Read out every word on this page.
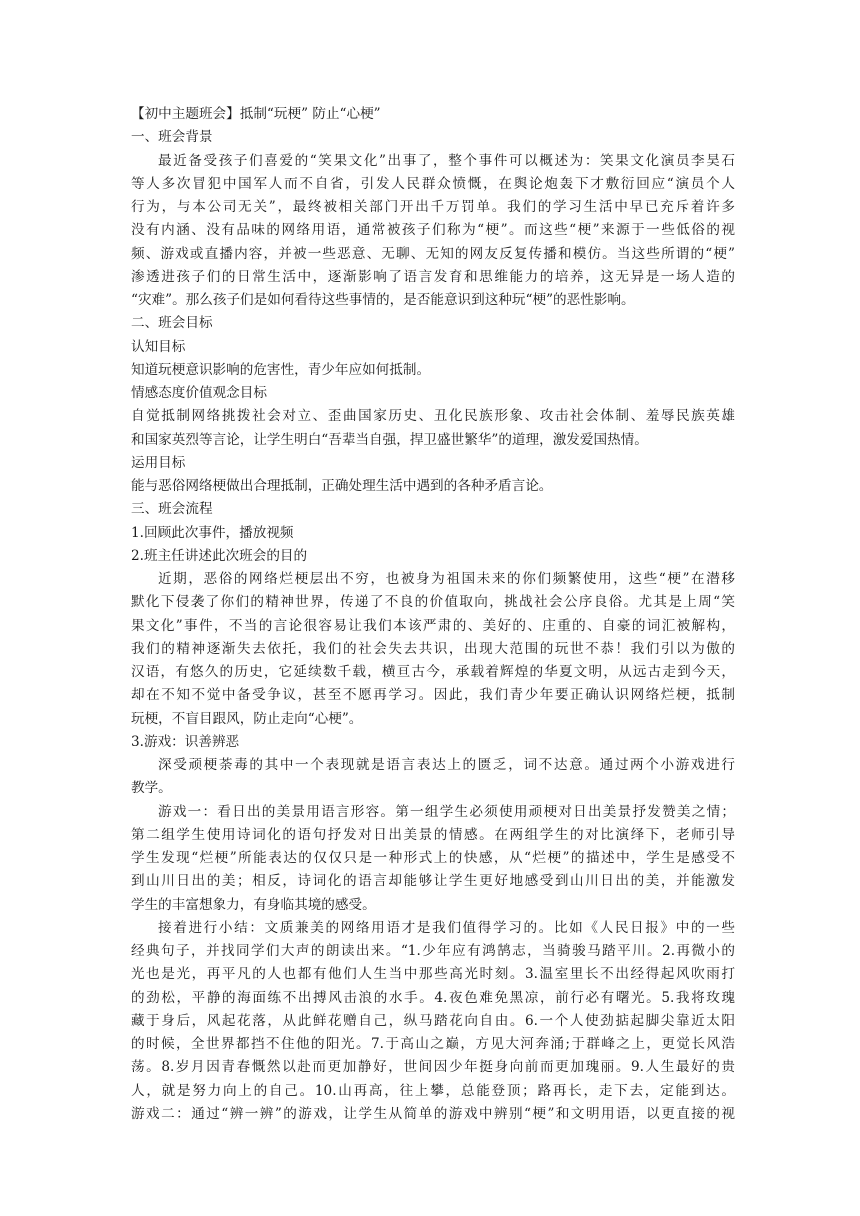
【初中主题班会】抵制“玩梗” 防止“心梗”
一、班会背景
最近备受孩子们喜爱的“笑果文化”出事了，整个事件可以概述为：笑果文化演员李昊石
等人多次冒犯中国军人而不自省，引发人民群众愤慨，在舆论炮轰下才敷衍回应“演员个人
行为，与本公司无关”，最终被相关部门开出千万罚单。我们的学习生活中早已充斥着许多
没有内涵、没有品味的网络用语，通常被孩子们称为“梗”。而这些“梗”来源于一些低俗的视
频、游戏或直播内容，并被一些恶意、无聊、无知的网友反复传播和模仿。当这些所谓的“梗”
渗透进孩子们的日常生活中，逐渐影响了语言发育和思维能力的培养，这无异是一场人造的
“灾难”。那么孩子们是如何看待这些事情的，是否能意识到这种玩“梗”的恶性影响。
二、班会目标
认知目标
知道玩梗意识影响的危害性，青少年应如何抵制。
情感态度价值观念目标
自觉抵制网络挑拨社会对立、歪曲国家历史、丑化民族形象、攻击社会体制、羞辱民族英雄
和国家英烈等言论，让学生明白“吾辈当自强，捍卫盛世繁华”的道理，激发爱国热情。
运用目标
能与恶俗网络梗做出合理抵制，正确处理生活中遇到的各种矛盾言论。
三、班会流程
1.回顾此次事件，播放视频
2.班主任讲述此次班会的目的
近期，恶俗的网络烂梗层出不穷，也被身为祖国未来的你们频繁使用，这些“梗”在潜移
默化下侵袭了你们的精神世界，传递了不良的价值取向，挑战社会公序良俗。尤其是上周“笑
果文化”事件，不当的言论很容易让我们本该严肃的、美好的、庄重的、自豪的词汇被解构，
我们的精神逐渐失去依托，我们的社会失去共识，出现大范围的玩世不恭！我们引以为傲的
汉语，有悠久的历史，它延续数千载，横亘古今，承载着辉煌的华夏文明，从远古走到今天，
却在不知不觉中备受争议，甚至不愿再学习。因此，我们青少年要正确认识网络烂梗，抵制
玩梗，不盲目跟风，防止走向“心梗”。
3.游戏：识善辨恶
深受顽梗荼毒的其中一个表现就是语言表达上的匮乏，词不达意。通过两个小游戏进行
教学。
游戏一：看日出的美景用语言形容。第一组学生必须使用顽梗对日出美景抒发赞美之情；
第二组学生使用诗词化的语句抒发对日出美景的情感。在两组学生的对比演绎下，老师引导
学生发现“烂梗”所能表达的仅仅只是一种形式上的快感，从“烂梗”的描述中，学生是感受不
到山川日出的美；相反，诗词化的语言却能够让学生更好地感受到山川日出的美，并能激发
学生的丰富想象力，有身临其境的感受。
接着进行小结：文质兼美的网络用语才是我们值得学习的。比如《人民日报》中的一些
经典句子，并找同学们大声的朗读出来。“1.少年应有鸿鹄志，当骑骏马踏平川。2.再微小的
光也是光，再平凡的人也都有他们人生当中那些高光时刻。3.温室里长不出经得起风吹雨打
的劲松，平静的海面练不出搏风击浪的水手。4.夜色难免黑凉，前行必有曙光。5.我将玫瑰
藏于身后，风起花落，从此鲜花赠自己，纵马踏花向自由。6.一个人使劲掂起脚尖靠近太阳
的时候，全世界都挡不住他的阳光。7.于高山之巅，方见大河奔涌;于群峰之上，更觉长风浩
荡。8.岁月因青春慨然以赴而更加静好，世间因少年挺身向前而更加瑰丽。9.人生最好的贵
人，就是努力向上的自己。10.山再高，往上攀，总能登顶；路再长，走下去，定能到达。
游戏二：通过“辨一辨”的游戏，让学生从简单的游戏中辨别“梗”和文明用语，以更直接的视
